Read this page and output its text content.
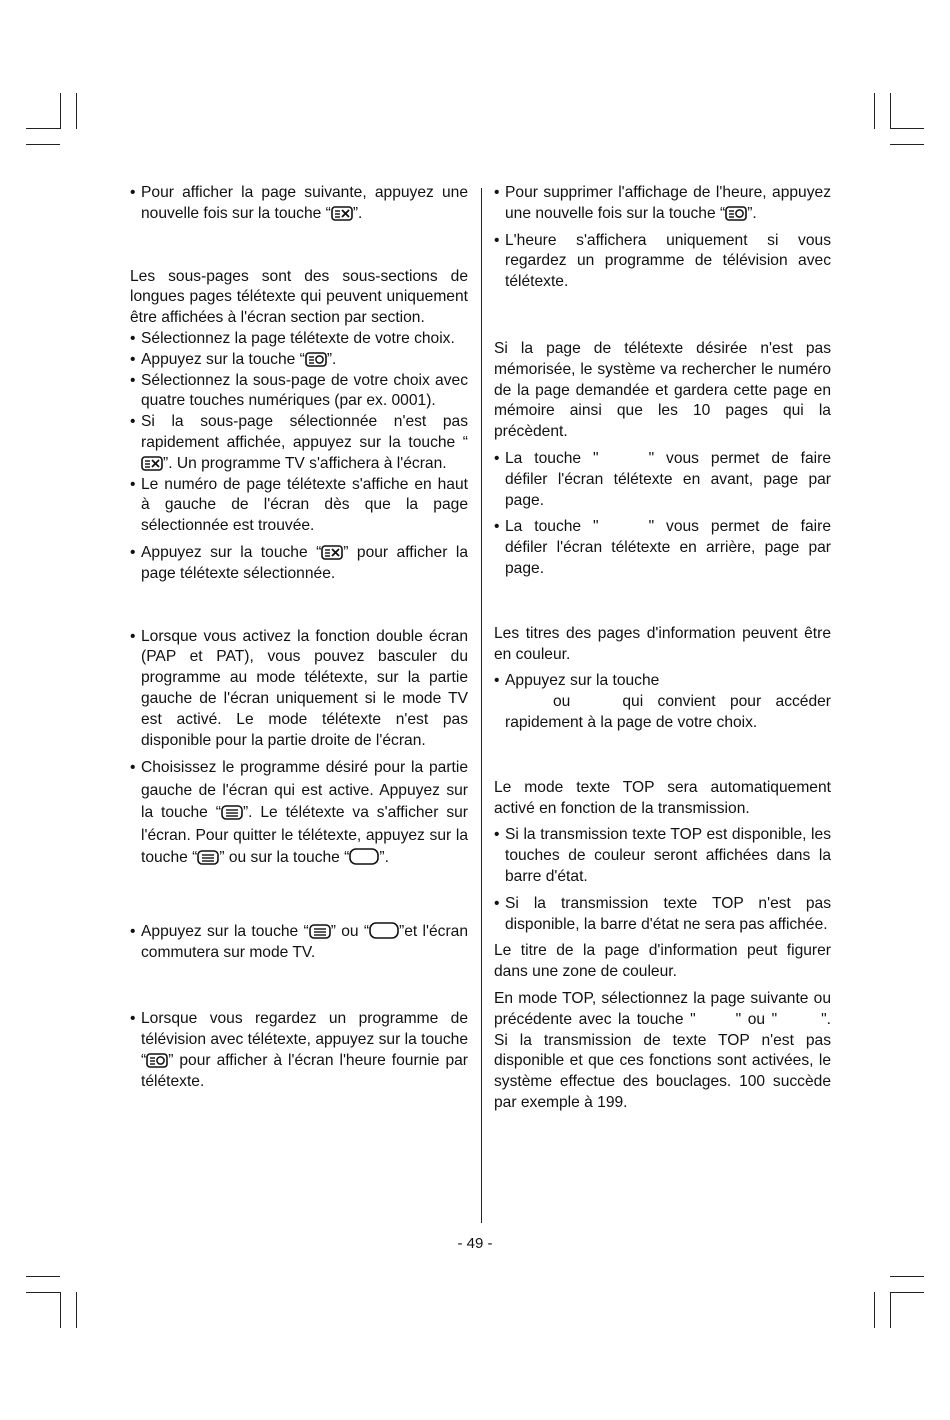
• Pour afficher la page suivante, appuyez une nouvelle fois sur la touche “ ”.
Les sous-pages sont des sous-sections de longues pages télétexte qui peuvent uniquement être affichées à l'écran section par section.
• Sélectionnez la page télétexte de votre choix.
• Appuyez sur la touche “ ”.
• Sélectionnez la sous-page de votre choix avec quatre touches numériques (par ex. 0001).
• Si la sous-page sélectionnée n'est pas rapidement affichée, appuyez sur la touche “”. Un programme TV s'affichera à l'écran.
• Le numéro de page télétexte s'affiche en haut à gauche de l'écran dès que la page sélectionnée est trouvée.
• Appuyez sur la touche “ ” pour afficher la page télétexte sélectionnée.
• Lorsque vous activez la fonction double écran (PAP et PAT), vous pouvez basculer du programme au mode télétexte, sur la partie gauche de l'écran uniquement si le mode TV est activé. Le mode télétexte n'est pas disponible pour la partie droite de l'écran.
• Choisissez le programme désiré pour la partie gauche de l'écran qui est active. Appuyez sur la touche “ ”. Le télétexte va s'afficher sur l'écran. Pour quitter le télétexte, appuyez sur la touche “ ” ou sur la touche “ ”.
• Appuyez sur la touche “ ” ou “ ”et l'écran commutera sur mode TV.
• Lorsque vous regardez un programme de télévision avec télétexte, appuyez sur la touche “ ” pour afficher à l'écran l'heure fournie par télétexte.
• Pour supprimer l'affichage de l'heure, appuyez une nouvelle fois sur la touche “ ”.
• L'heure s'affichera uniquement si vous regardez un programme de télévision avec télétexte.
Si la page de télétexte désirée n'est pas mémorisée, le système va rechercher le numéro de la page demandée et gardera cette page en mémoire ainsi que les 10 pages qui la précèdent.
• La touche "	" vous permet de faire défiler l'écran télétexte en avant, page par page.
• La touche "	" vous permet de faire défiler l'écran télétexte en arrière, page par page.
Les titres des pages d'information peuvent être en couleur.
• Appuyez sur la touche
ou	qui convient pour accéder rapidement à la page de votre choix.
Le mode texte TOP sera automatiquement activé en fonction de la transmission.
• Si la transmission texte TOP est disponible, les touches de couleur seront affichées dans la barre d'état.
• Si la transmission texte TOP n'est pas disponible, la barre d'état ne sera pas affichée.
Le titre de la page d'information peut figurer dans une zone de couleur.
En mode TOP, sélectionnez la page suivante ou précédente avec la touche "	" ou "	". Si la transmission de texte TOP n'est pas disponible et que ces fonctions sont activées, le système effectue des bouclages. 100 succède par exemple à 199.
- 49 -
